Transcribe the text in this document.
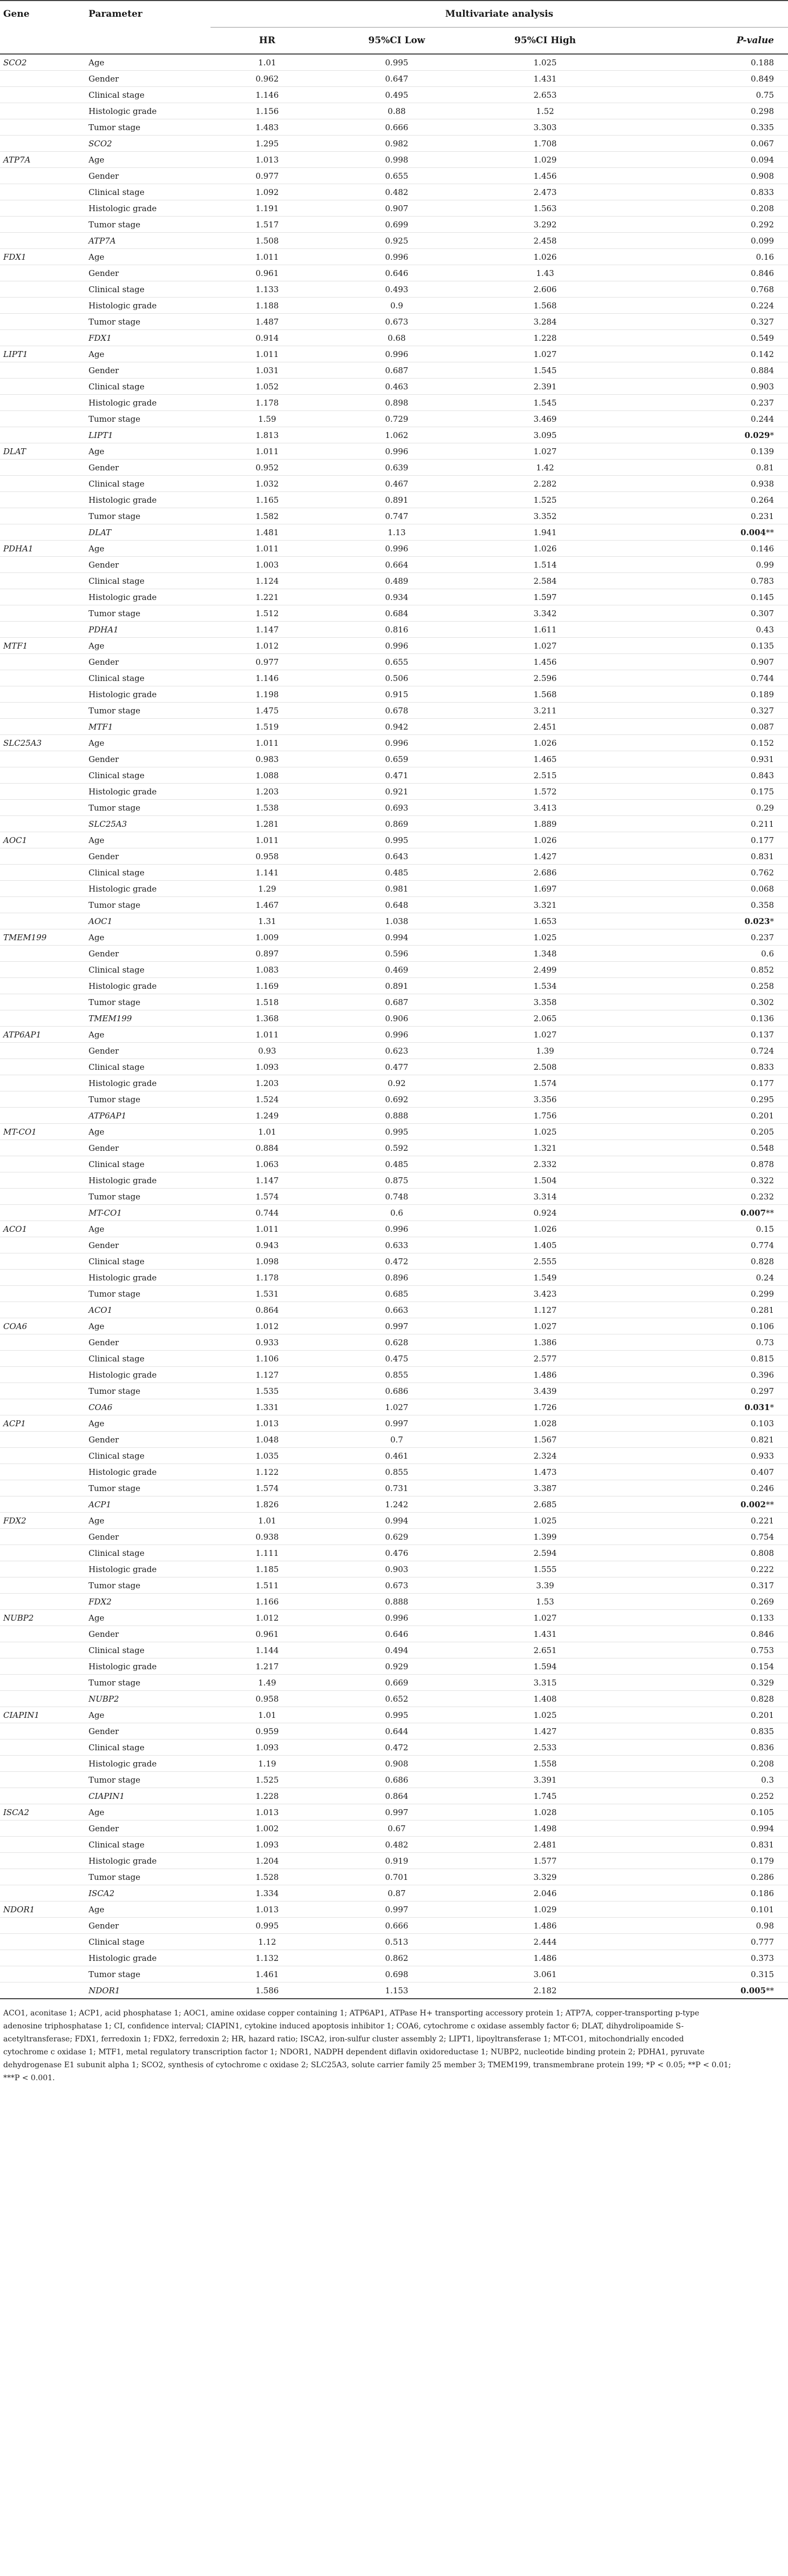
Gene	Parameter	Multivariate analysis			
		HR	95%CI Low	95%CI High	P-value
SCO2	Age	1.01	0.995	1.025	0.188
	Gender	0.962	0.647	1.431	0.849
	Clinical stage	1.146	0.495	2.653	0.75
	Histologic grade	1.156	0.88	1.52	0.298
	Tumor stage	1.483	0.666	3.303	0.335
	SCO2	1.295	0.982	1.708	0.067
ATP7A	Age	1.013	0.998	1.029	0.094
	Gender	0.977	0.655	1.456	0.908
	Clinical stage	1.092	0.482	2.473	0.833
	Histologic grade	1.191	0.907	1.563	0.208
	Tumor stage	1.517	0.699	3.292	0.292
	ATP7A	1.508	0.925	2.458	0.099
FDX1	Age	1.011	0.996	1.026	0.16
	Gender	0.961	0.646	1.43	0.846
	Clinical stage	1.133	0.493	2.606	0.768
	Histologic grade	1.188	0.9	1.568	0.224
	Tumor stage	1.487	0.673	3.284	0.327
	FDX1	0.914	0.68	1.228	0.549
LIPT1	Age	1.011	0.996	1.027	0.142
	Gender	1.031	0.687	1.545	0.884
	Clinical stage	1.052	0.463	2.391	0.903
	Histologic grade	1.178	0.898	1.545	0.237
	Tumor stage	1.59	0.729	3.469	0.244
	LIPT1	1.813	1.062	3.095	0.029*
DLAT	Age	1.011	0.996	1.027	0.139
	Gender	0.952	0.639	1.42	0.81
	Clinical stage	1.032	0.467	2.282	0.938
	Histologic grade	1.165	0.891	1.525	0.264
	Tumor stage	1.582	0.747	3.352	0.231
	DLAT	1.481	1.13	1.941	0.004**
PDHA1	Age	1.011	0.996	1.026	0.146
	Gender	1.003	0.664	1.514	0.99
	Clinical stage	1.124	0.489	2.584	0.783
	Histologic grade	1.221	0.934	1.597	0.145
	Tumor stage	1.512	0.684	3.342	0.307
	PDHA1	1.147	0.816	1.611	0.43
MTF1	Age	1.012	0.996	1.027	0.135
	Gender	0.977	0.655	1.456	0.907
	Clinical stage	1.146	0.506	2.596	0.744
	Histologic grade	1.198	0.915	1.568	0.189
	Tumor stage	1.475	0.678	3.211	0.327
	MTF1	1.519	0.942	2.451	0.087
SLC25A3	Age	1.011	0.996	1.026	0.152
	Gender	0.983	0.659	1.465	0.931
	Clinical stage	1.088	0.471	2.515	0.843
	Histologic grade	1.203	0.921	1.572	0.175
	Tumor stage	1.538	0.693	3.413	0.29
	SLC25A3	1.281	0.869	1.889	0.211
AOC1	Age	1.011	0.995	1.026	0.177
	Gender	0.958	0.643	1.427	0.831
	Clinical stage	1.141	0.485	2.686	0.762
	Histologic grade	1.29	0.981	1.697	0.068
	Tumor stage	1.467	0.648	3.321	0.358
	AOC1	1.31	1.038	1.653	0.023*
TMEM199	Age	1.009	0.994	1.025	0.237
	Gender	0.897	0.596	1.348	0.6
	Clinical stage	1.083	0.469	2.499	0.852
	Histologic grade	1.169	0.891	1.534	0.258
	Tumor stage	1.518	0.687	3.358	0.302
	TMEM199	1.368	0.906	2.065	0.136
ATP6AP1	Age	1.011	0.996	1.027	0.137
	Gender	0.93	0.623	1.39	0.724
	Clinical stage	1.093	0.477	2.508	0.833
	Histologic grade	1.203	0.92	1.574	0.177
	Tumor stage	1.524	0.692	3.356	0.295
	ATP6AP1	1.249	0.888	1.756	0.201
MT-CO1	Age	1.01	0.995	1.025	0.205
	Gender	0.884	0.592	1.321	0.548
	Clinical stage	1.063	0.485	2.332	0.878
	Histologic grade	1.147	0.875	1.504	0.322
	Tumor stage	1.574	0.748	3.314	0.232
	MT-CO1	0.744	0.6	0.924	0.007**
ACO1	Age	1.011	0.996	1.026	0.15
	Gender	0.943	0.633	1.405	0.774
	Clinical stage	1.098	0.472	2.555	0.828
	Histologic grade	1.178	0.896	1.549	0.24
	Tumor stage	1.531	0.685	3.423	0.299
	ACO1	0.864	0.663	1.127	0.281
COA6	Age	1.012	0.997	1.027	0.106
	Gender	0.933	0.628	1.386	0.73
	Clinical stage	1.106	0.475	2.577	0.815
	Histologic grade	1.127	0.855	1.486	0.396
	Tumor stage	1.535	0.686	3.439	0.297
	COA6	1.331	1.027	1.726	0.031*
ACP1	Age	1.013	0.997	1.028	0.103
	Gender	1.048	0.7	1.567	0.821
	Clinical stage	1.035	0.461	2.324	0.933
	Histologic grade	1.122	0.855	1.473	0.407
	Tumor stage	1.574	0.731	3.387	0.246
	ACP1	1.826	1.242	2.685	0.002**
FDX2	Age	1.01	0.994	1.025	0.221
	Gender	0.938	0.629	1.399	0.754
	Clinical stage	1.111	0.476	2.594	0.808
	Histologic grade	1.185	0.903	1.555	0.222
	Tumor stage	1.511	0.673	3.39	0.317
	FDX2	1.166	0.888	1.53	0.269
NUBP2	Age	1.012	0.996	1.027	0.133
	Gender	0.961	0.646	1.431	0.846
	Clinical stage	1.144	0.494	2.651	0.753
	Histologic grade	1.217	0.929	1.594	0.154
	Tumor stage	1.49	0.669	3.315	0.329
	NUBP2	0.958	0.652	1.408	0.828
CIAPIN1	Age	1.01	0.995	1.025	0.201
	Gender	0.959	0.644	1.427	0.835
	Clinical stage	1.093	0.472	2.533	0.836
	Histologic grade	1.19	0.908	1.558	0.208
	Tumor stage	1.525	0.686	3.391	0.3
	CIAPIN1	1.228	0.864	1.745	0.252
ISCA2	Age	1.013	0.997	1.028	0.105
	Gender	1.002	0.67	1.498	0.994
	Clinical stage	1.093	0.482	2.481	0.831
	Histologic grade	1.204	0.919	1.577	0.179
	Tumor stage	1.528	0.701	3.329	0.286
	ISCA2	1.334	0.87	2.046	0.186
NDOR1	Age	1.013	0.997	1.029	0.101
	Gender	0.995	0.666	1.486	0.98
	Clinical stage	1.12	0.513	2.444	0.777
	Histologic grade	1.132	0.862	1.486	0.373
	Tumor stage	1.461	0.698	3.061	0.315
	NDOR1	1.586	1.153	2.182	0.005**
ACO1, aconitase 1; ACP1, acid phosphatase 1; AOC1, amine oxidase copper containing 1; ATP6AP1, ATPase H+ transporting accessory protein 1; ATP7A, copper-transporting p-type
adenosine triphosphatase 1; CI, confidence interval; CIAPIN1, cytokine induced apoptosis inhibitor 1; COA6, cytochrome c oxidase assembly factor 6; DLAT, dihydrolipoamide S-
acetyltransferase; FDX1, ferredoxin 1; FDX2, ferredoxin 2; HR, hazard ratio; ISCA2, iron-sulfur cluster assembly 2; LIPT1, lipoyltransferase 1; MT-CO1, mitochondrially encoded
cytochrome c oxidase 1; MTF1, metal regulatory transcription factor 1; NDOR1, NADPH dependent diflavin oxidoreductase 1; NUBP2, nucleotide binding protein 2; PDHA1, pyruvate
dehydrogenase E1 subunit alpha 1; SCO2, synthesis of cytochrome c oxidase 2; SLC25A3, solute carrier family 25 member 3; TMEM199, transmembrane protein 199; *P < 0.05; **P < 0.01;
***P < 0.001.
